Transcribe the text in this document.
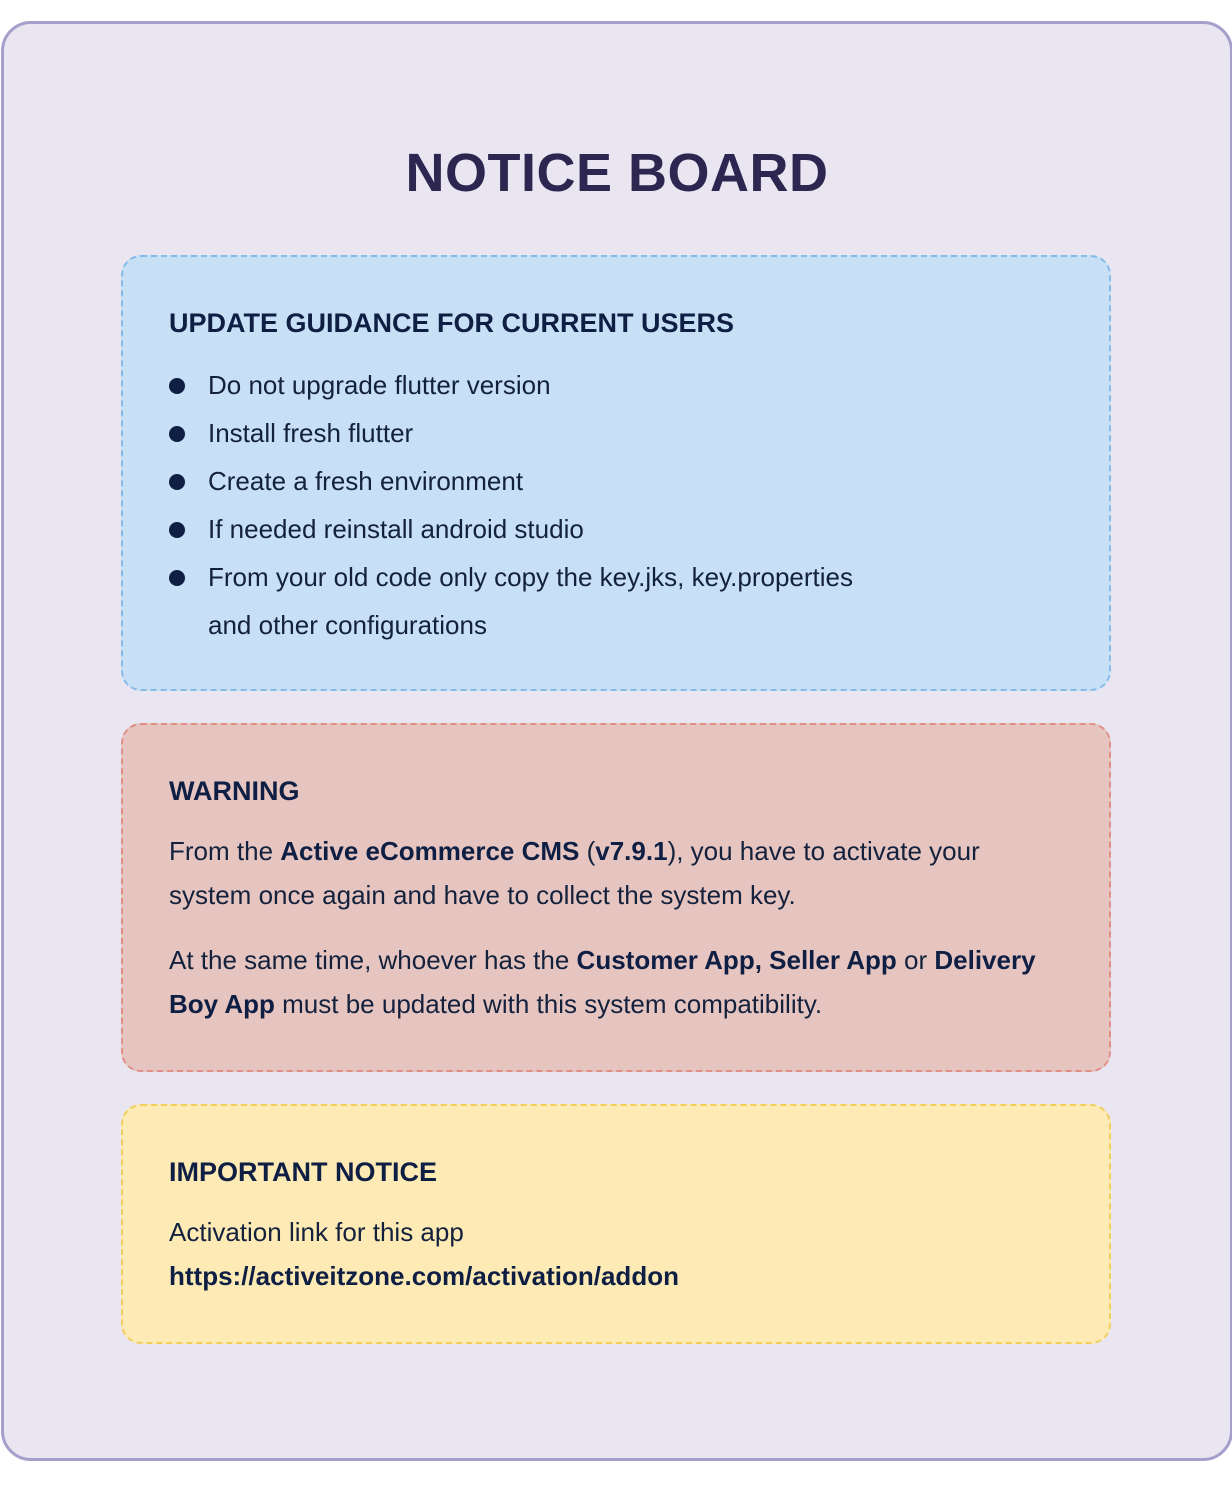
NOTICE BOARD
UPDATE GUIDANCE FOR CURRENT USERS
Do not upgrade flutter version
Install fresh flutter
Create a fresh environment
If needed reinstall android studio
From your old code only copy the key.jks, key.properties
and other configurations
WARNING

From the Active eCommerce CMS (v7.9.1), you have to activate your system once again and have to collect the system key.

At the same time, whoever has the Customer App, Seller App or Delivery Boy App must be updated with this system compatibility.

IMPORTANT NOTICE

Activation link for this app
https://activeitzone.com/activation/addon
